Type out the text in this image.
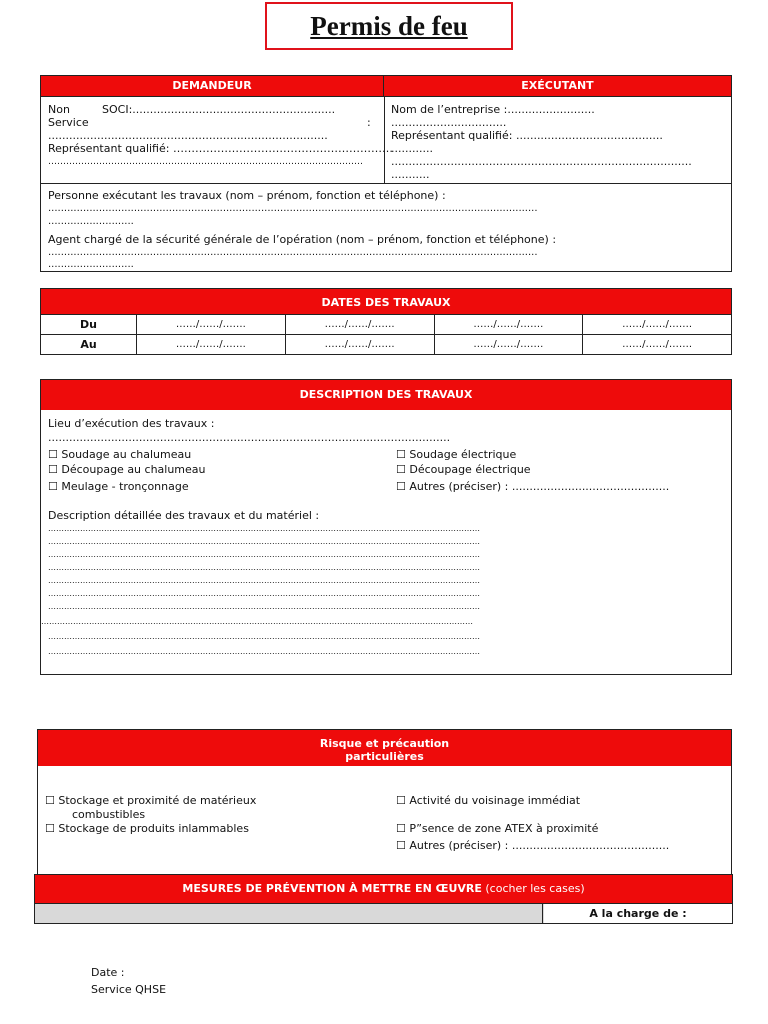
Permis de feu
DEMANDEUR	EXÉCUTANT
Non	SOCI:..........................................................
Service	:
................................................................................
Représentant qualifié: ……………………………………………………
……………………………………………………………………………………………
Nom de l’entreprise :.........................
.................................
Représentant qualifié: ..........................................
............
......................................................................................
...........
Personne exécutant les travaux (nom – prénom, fonction et téléphone) :
..........................................................................................................................................................
...........................
Agent chargé de la sécurité générale de l’opération (nom – prénom, fonction et téléphone) :
..........................................................................................................................................................
...........................
DATES DES TRAVAUX
Du	……/……/…….	……/……/…….	……/……/…….	……/……/…….
Au	……/……/…….	……/……/…….	……/……/…….	……/……/…….
DESCRIPTION DES TRAVAUX
Lieu d’exécution des travaux :
...................................................................................................................
☐ Soudage au chalumeau
☐ Découpage au chalumeau
☐ Meulage - tronçonnage
☐ Soudage électrique
☐ Découpage électrique
☐ Autres (préciser) : .............................................
Description détaillée des travaux et du matériel :
………………………………………………………………………………………………………………………………………………
………………………………………………………………………………………………………………………………………………
………………………………………………………………………………………………………………………………………………
………………………………………………………………………………………………………………………………………………
………………………………………………………………………………………………………………………………………………
………………………………………………………………………………………………………………………………………………
………………………………………………………………………………………………………………………………………………
………………………………………………………………………………………………………………………………………………
………………………………………………………………………………………………………………………………………………
………………………………………………………………………………………………………………………………………………
Risque et précaution
particulières
☐ Stockage et proximité de matérieux
combustibles
☐ Stockage de produits inlammables
☐ Activité du voisinage immédiat
☐ P”sence de zone ATEX à proximité
☐ Autres (préciser) : .............................................
MESURES DE PRÉVENTION À METTRE EN ŒUVRE (cocher les cases)
A la charge de :
Date :
Service QHSE
